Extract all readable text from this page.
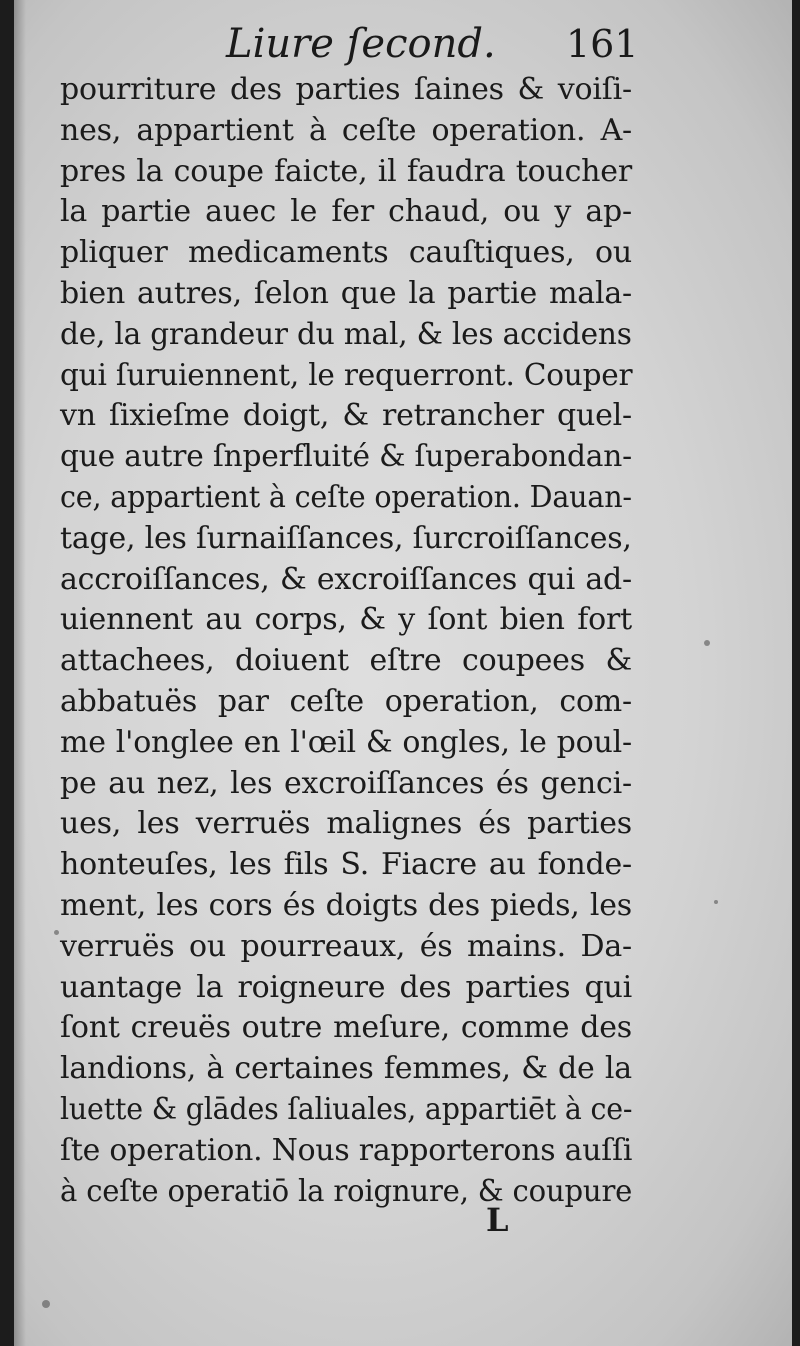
Liure ſecond. 161
pourriture des parties ſaines & voiſi-
nes, appartient à ceſte operation. A-
pres la coupe faicte, il faudra toucher
la partie auec le fer chaud, ou y ap-
pliquer medicaments cauſtiques, ou
bien autres, ſelon que la partie mala-
de, la grandeur du mal, & les accidens
qui ſuruiennent, le requerront. Couper
vn ſixieſme doigt, & retrancher quel-
que autre ſnperfluité & ſuperabondan-
ce, appartient à ceſte operation. Dauan-
tage, les ſurnaiſſances, ſurcroiſſances,
accroiſſances, & excroiſſances qui ad-
uiennent au corps, & y ſont bien fort
attachees, doiuent eſtre coupees &
abbatuës par ceſte operation, com-
me l'onglee en l'œil & ongles, le poul-
pe au nez, les excroiſſances és genci-
ues, les verruës malignes és parties
honteuſes, les fils S. Fiacre au fonde-
ment, les cors és doigts des pieds, les
verruës ou pourreaux, és mains. Da-
uantage la roigneure des parties qui
ſont creuës outre meſure, comme des
landions, à certaines femmes, & de la
luette & glādes ſaliuales, appartiēt à ce-
ſte operation. Nous rapporterons auſſi
à ceſte operatiō la roignure, & coupure
L
